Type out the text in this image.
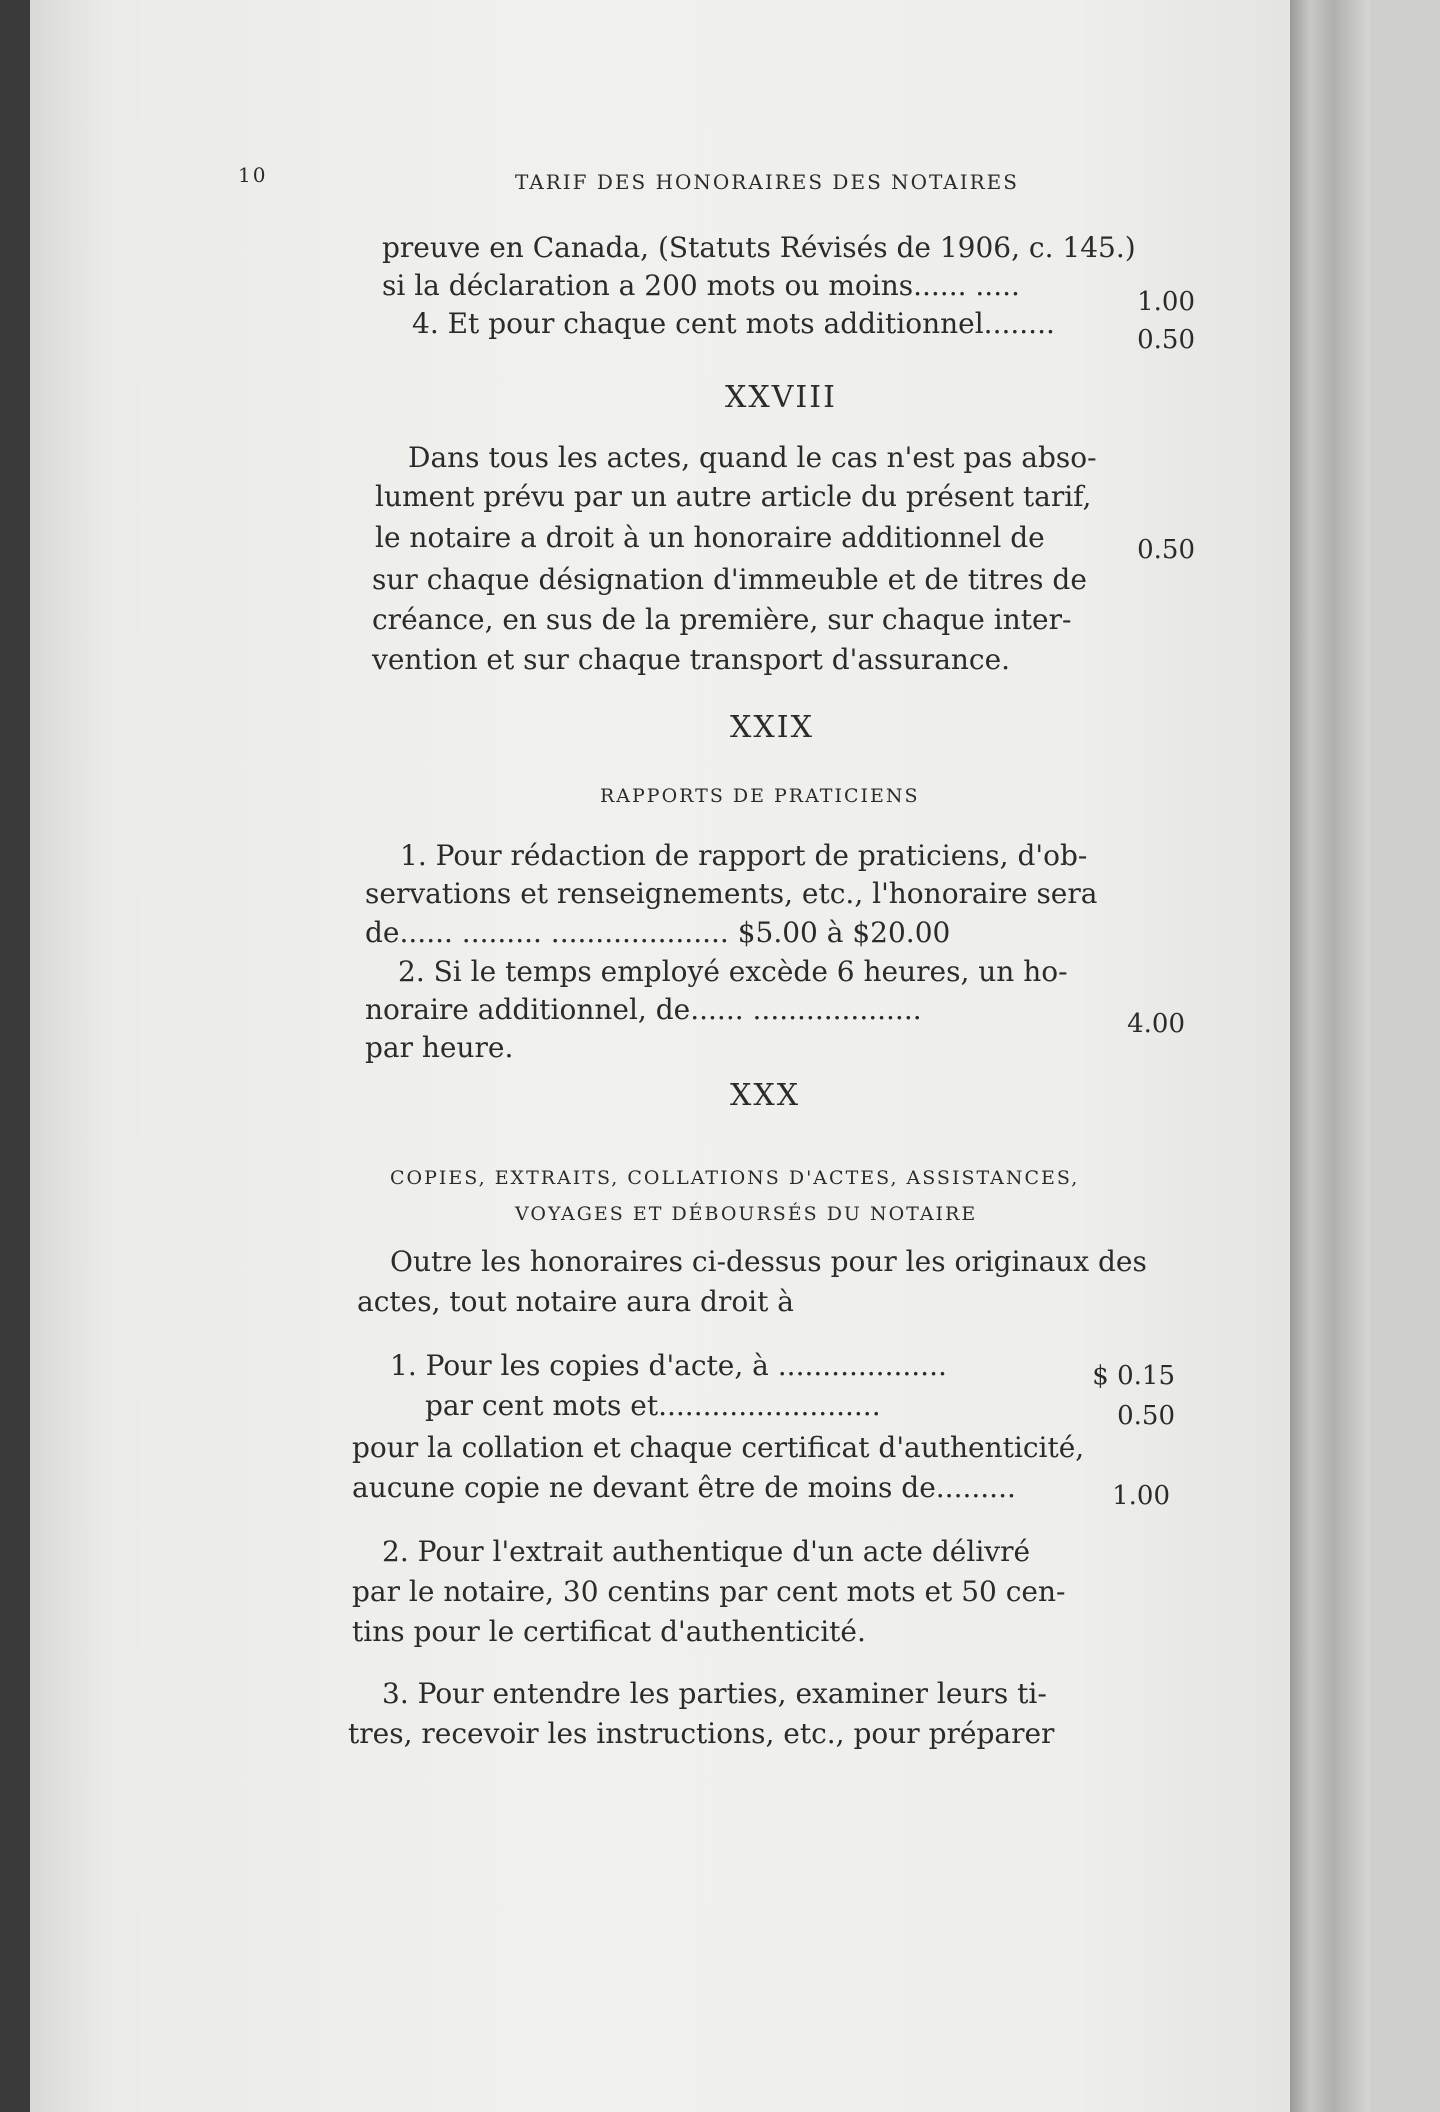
10	TARIF DES HONORAIRES DES NOTAIRES
preuve en Canada, (Statuts Révisés de 1906, c. 145.)
si la déclaration a 200 mots ou moins...... .....	1.00
4. Et pour chaque cent mots additionnel........	0.50
XXVIII
Dans tous les actes, quand le cas n'est pas abso-
lument prévu par un autre article du présent tarif,
le notaire a droit à un honoraire additionnel de	0.50
sur chaque désignation d'immeuble et de titres de
créance, en sus de la première, sur chaque inter-
vention et sur chaque transport d'assurance.
XXIX
RAPPORTS DE PRATICIENS
1. Pour rédaction de rapport de praticiens, d'ob-
servations et renseignements, etc., l'honoraire sera
de...... ......... .................... $5.00 à $20.00
2. Si le temps employé excède 6 heures, un ho-
noraire additionnel, de...... ...................	4.00
par heure.
XXX
COPIES, EXTRAITS, COLLATIONS D'ACTES, ASSISTANCES,
VOYAGES ET DÉBOURSÉS DU NOTAIRE
Outre les honoraires ci-dessus pour les originaux des
actes, tout notaire aura droit à
1. Pour les copies d'acte, à ...................	$ 0.15
par cent mots et.........................	0.50
pour la collation et chaque certificat d'authenticité,
aucune copie ne devant être de moins de.........	1.00
2. Pour l'extrait authentique d'un acte délivré
par le notaire, 30 centins par cent mots et 50 cen-
tins pour le certificat d'authenticité.
3. Pour entendre les parties, examiner leurs ti-
tres, recevoir les instructions, etc., pour préparer
